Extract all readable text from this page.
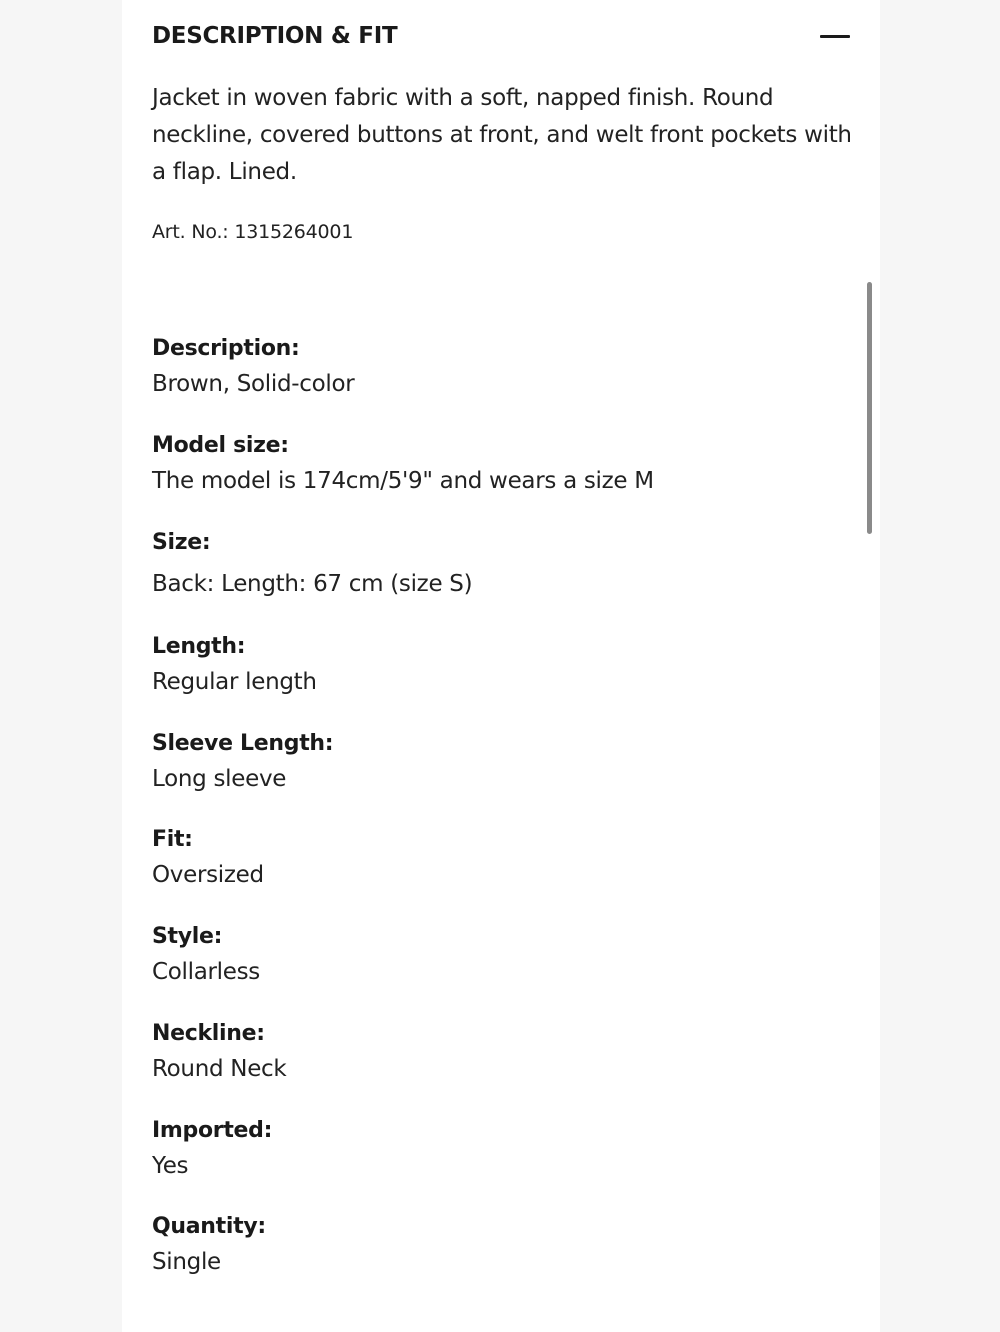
DESCRIPTION & FIT
Jacket in woven fabric with a soft, napped finish. Round neckline, covered buttons at front, and welt front pockets with a flap. Lined.
Art. No.: 1315264001
Description:
Brown, Solid-color
Model size:
The model is 174cm/5'9" and wears a size M
Size:
Back: Length: 67 cm (size S)
Length:
Regular length
Sleeve Length:
Long sleeve
Fit:
Oversized
Style:
Collarless
Neckline:
Round Neck
Imported:
Yes
Quantity:
Single
